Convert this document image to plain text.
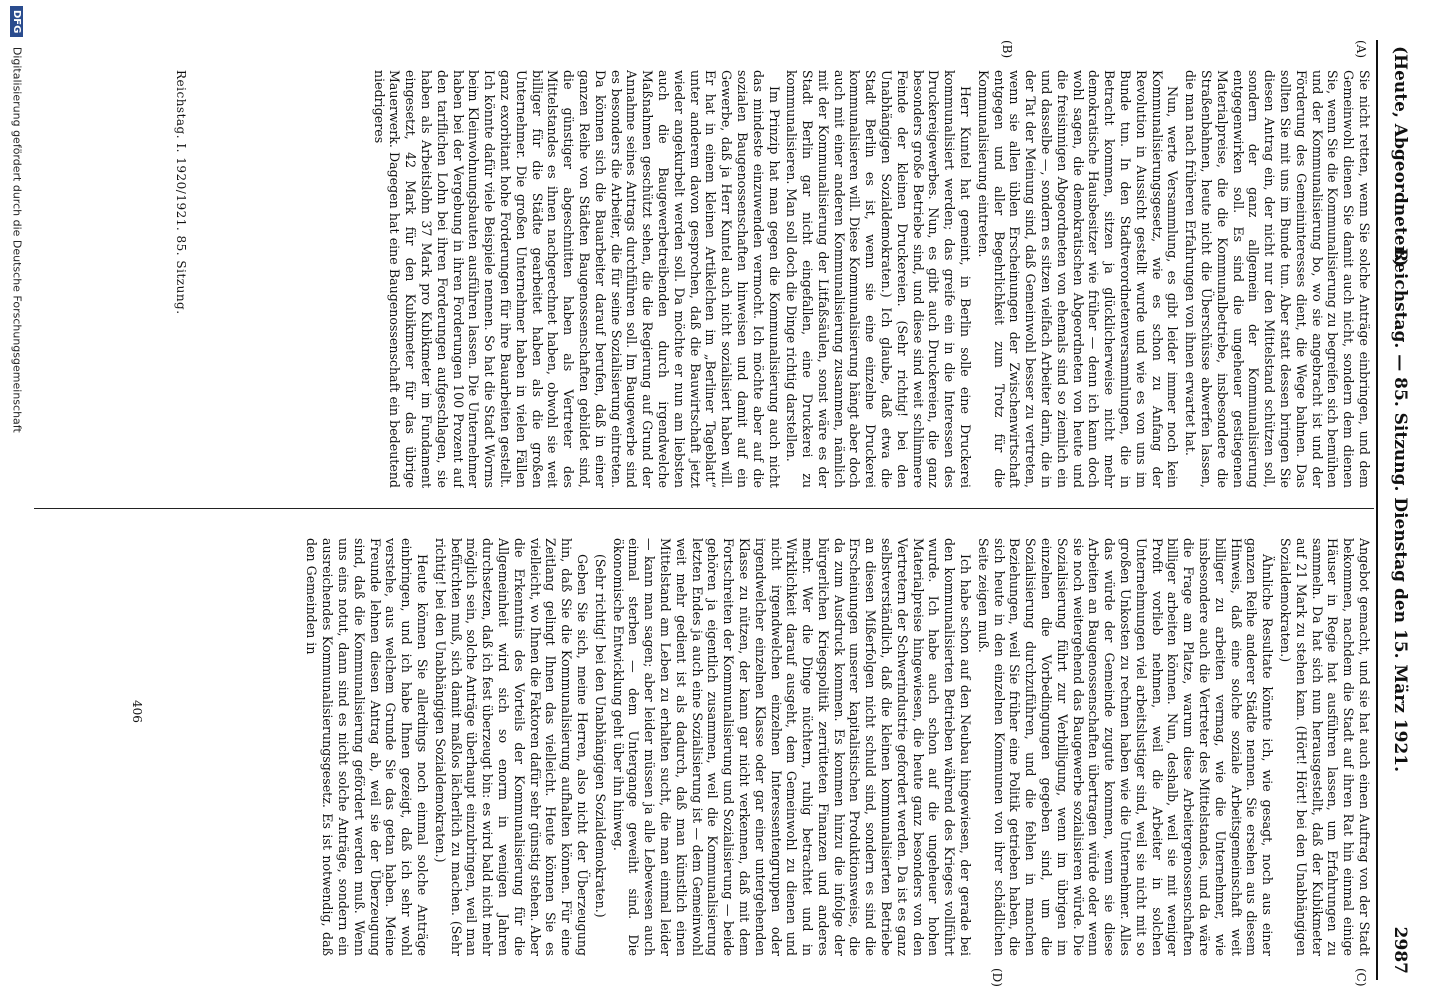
(Heute, Abgeordneter.)
Reichstag. — 85. Sitzung. Dienstag den 15. März 1921.
2987
(A)
(B)
(C)
(D)

Sie nicht retten, wenn Sie solche Anträge einbringen, und dem Gemeinwohl dienen Sie damit auch nicht, sondern dem dienen Sie, wenn Sie die Kommunalisierung zu begreifen sich bemühen und der Kommunalisierung bo, wo sie angebracht ist und der Förderung des Gemeininteresses dient, die Wege bahnen. Das sollten Sie mit uns im Bunde tun. Aber statt dessen bringen Sie diesen Antrag ein, der nicht nur den Mittelstand schützen soll, sondern der ganz allgemein der Kommunalisierung entgegenwirken soll. Es sind die ungeheuer gestiegenen Materialpreise, die die Kommunalbetriebe, insbesondere die Straßenbahnen, heute nicht die Überschüsse abwerfen lassen, die man nach früheren Erfahrungen von ihnen erwartet hat.

Nun, werte Versammlung, es gibt leider immer noch kein Kommunalisierungsgesetz, wie es schon zu Anfang der Revolution in Aussicht gestellt wurde und wie es von uns im Bunde tun. In den Stadtverordnetenversammlungen, die in Betracht kommen, sitzen ja glücklicherweise nicht mehr demokratische Hausbesitzer wie früher — denn ich kann doch wohl sagen, die demokratischen Abgeordneten von heute und die freisinnigen Abgeordneten von ehemals sind so ziemlich ein und dasselbe —, sondern es sitzen vielfach Arbeiter darin, die in der Tat der Meinung sind, daß Gemeinwohl besser zu vertreten, wenn sie allen üblen Erscheinungen der Zwischenwirtschaft entgegen und aller Begehrlichkeit zum Trotz für die Kommunalisierung eintreten.

Herr Kuntel hat gemeint, in Berlin solle eine Druckerei kommunalisiert werden; das greife ein in die Interessen des Druckereigewerbes. Nun, es gibt auch Druckereien, die ganz besonders große Betriebe sind, und diese sind weit schlimmere Feinde der kleinen Druckereien. (Sehr richtig! bei den Unabhängigen Sozialdemokraten.) Ich glaube, daß etwa die Stadt Berlin es ist, wenn sie eine einzelne Druckerei kommunalisieren will. Diese Kommunalisierung hängt aber doch auch mit einer anderen Kommunalisierung zusammen, nämlich mit der Kommunalisierung der Litfaßsäulen, sonst wäre es der Stadt Berlin gar nicht eingefallen, eine Druckerei zu kommunalisieren. Man soll doch die Dinge richtig darstellen.

Im Prinzip hat man gegen die Kommunalisierung auch nicht das mindeste einzuwenden vermocht. Ich möchte aber auf die sozialen Baugenossenschaften hinweisen und damit auf ein Gewerbe, daß ja Herr Kuntel auch nicht sozialisiert haben will. Er hat in einem kleinen Artikelchen im „Berliner Tageblatt“ unter anderem davon gesprochen, daß die Bauwirtschaft jetzt wieder angekurbelt werden soll. Da möchte er nun am liebsten auch die Baugewerbetreibenden durch irgendwelche Maßnahmen geschützt sehen, die die Regierung auf Grund der Annahme seines Antrags durchführen soll. Im Baugewerbe sind es besonders die Arbeiter, die für seine Sozialisierung eintreten. Da können sich die Bauarbeiter darauf berufen, daß in einer ganzen Reihe von Städten Baugenossenschaften gebildet sind, die günstiger abgeschnitten haben als Vertreter des Mittelstandes es ihnen nachgerechnet haben, obwohl sie weit billiger für die Städte gearbeitet haben als die großen Unternehmer. Die großen Unternehmer haben in vielen Fällen ganz exorbitant hohe Forderungen für ihre Bauarbeiten gestellt. Ich könnte dafür viele Beispiele nennen. So hat die Stadt Worms beim Kleinwohnungsbauten ausführen lassen. Die Unternehmer haben bei der Vergebung in ihren Forderungen 100 Prozent auf den tariflichen Lohn bei ihren Forderungen aufgeschlagen, sie haben als Arbeitslohn 37 Mark pro Kubikmeter im Fundament eingesetzt, 42 Mark für den Kubikmeter für das übrige Mauerwerk. Dagegen hat eine Baugenossenschaft ein bedeutend niedrigeres

Angebot gemacht, und sie hat auch einen Auftrag von der Stadt bekommen, nachdem die Stadt auf ihren Rat hin einmal einige Häuser in Regie hat ausführen lassen, um Erfahrungen zu sammeln. Da hat sich nun herausgestellt, daß der Kubikmeter auf 21 Mark zu stehen kam. (Hört! Hört! bei den Unabhängigen Sozialdemokraten.)

Ähnliche Resultate könnte ich, wie gesagt, noch aus einer ganzen Reihe anderer Städte nennen. Sie ersehen aus diesem Hinweis, daß eine solche soziale Arbeitsgemeinschaft weit billiger zu arbeiten vermag, wie die Unternehmer, wie insbesondere auch die Vertreter des Mittelstandes, und da wäre die Frage am Platze, warum diese Arbeitergenossenschaften billiger arbeiten können. Nun, deshalb, weil sie mit weniger Profit vorlieb nehmen, weil die Arbeiter in solchen Unternehmungen viel arbeitslustiger sind, weil sie nicht mit so großen Unkosten zu rechnen haben wie die Unternehmer. Alles das würde der Gemeinde zugute kommen, wenn sie diese Arbeiten an Baugenossenschaften übertragen würde oder wenn sie noch weitergehend das Baugewerbe sozialisieren würde. Die Sozialisierung führt zur Verbilligung, wenn im übrigen im einzelnen die Vorbedingungen gegeben sind, um die Sozialisierung durchzuführen, und die fehlen in manchen Beziehungen, weil Sie früher eine Politik getrieben haben, die sich heute in den einzelnen Kommunen von ihrer schädlichen Seite zeigen muß.

Ich habe schon auf den Neubau hingewiesen, der gerade bei den kommunalisierten Betrieben während des Krieges vollführt wurde. Ich habe auch schon auf die ungeheuer hohen Materialpreise hingewiesen, die heute ganz besonders von den Vertretern der Schwerindustrie gefordert werden. Da ist es ganz selbstverständlich, daß die kleinen kommunalisierten Betriebe an diesen Mißerfolgen nicht schuld sind, sondern es sind die Erscheinungen unserer kapitalistischen Produktionsweise, die da zum Ausdruck kommen. Es kommen hinzu die infolge der bürgerlichen Kriegspolitik zerrütteten Finanzen und anderes mehr. Wer die Dinge nüchtern, ruhig betrachtet und in Wirklichkeit darauf ausgeht, dem Gemeinwohl zu dienen und nicht irgendwelchen einzelnen Interessentengruppen oder irgendwelcher einzelnen Klasse oder gar einer untergehenden Klasse zu nützen, der kann gar nicht verkennen, daß mit dem Fortschreiten der Kommunalisierung und Sozialisierung — beide gehören ja eigentlich zusammen, weil die Kommunalisierung letzten Endes ja auch eine Sozialisierung ist — dem Gemeinwohl weit mehr gedient ist als dadurch, daß man künstlich einen Mittelstand am Leben zu erhalten sucht, die man einmal leider — kann man sagen; aber leider müssen ja alle Lebewesen auch einmal sterben — dem Untergange geweiht sind. Die ökonomische Entwicklung geht über ihn hinweg.

(Sehr richtig! bei den Unabhängigen Sozialdemokraten.)

Geben Sie sich, meine Herren, also nicht der Überzeugung hin, daß Sie die Kommunalisierung aufhalten können. Für eine Zeitlang gelingt Ihnen das vielleicht. Heute können Sie es vielleicht, wo Ihnen die Faktoren dafür sehr günstig stehen. Aber die Erkenntnis des Vorteils der Kommunalisierung für die Allgemeinheit wird sich so enorm in wenigen Jahren durchsetzen, daß ich fest überzeugt bin: es wird bald nicht mehr möglich sein, solche Anträge überhaupt einzubringen, weil man befürchten muß, sich damit maßlos lächerlich zu machen. (Sehr richtig! bei den Unabhängigen Sozialdemokraten.)

Heute können Sie allerdings noch einmal solche Anträge einbringen, und ich habe Ihnen gezeigt, daß ich sehr wohl verstehe, aus welchem Grunde Sie das getan haben. Meine Freunde lehnen diesen Antrag ab, weil sie der Überzeugung sind, daß die Kommunalisierung gefördert werden muß. Wenn uns eins notut, dann sind es nicht solche Anträge, sondern ein ausreichendes Kommunalisierungsgesetz. Es ist notwendig, daß den Gemeinden in

Reichstag. I. 1920/1921. 85. Sitzung.
406
DFG Digitalisierung gefördert durch die Deutsche Forschungsgemeinschaft
